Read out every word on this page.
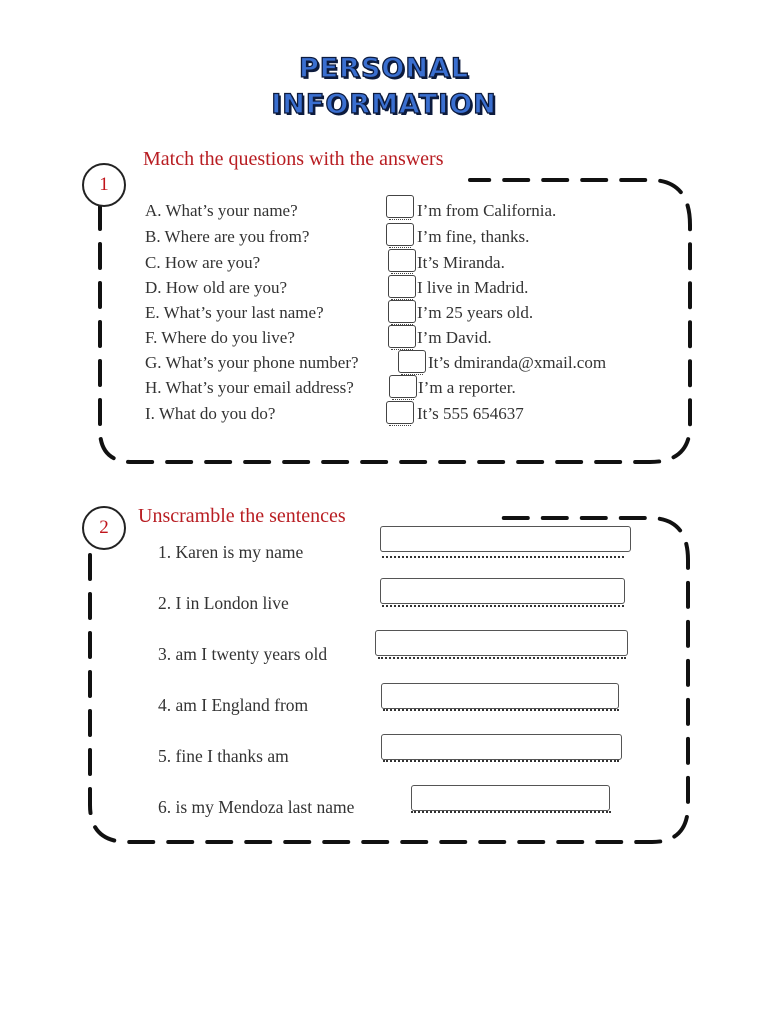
PERSONAL
INFORMATION
1
Match the questions with the answers
A. What’s your name?
B. Where are you from?
C. How are you?
D. How old are you?
E. What’s your last name?
F. Where do you live?
G. What’s your phone number?
H. What’s your email address?
I. What do you do?
I’m from California.
I’m fine, thanks.
It’s Miranda.
I live in Madrid.
I’m 25 years old.
I’m David.
It’s dmiranda@xmail.com
I’m a reporter.
It’s 555 654637
2
Unscramble the sentences
1. Karen is my name
2. I in London live
3. am I twenty years old
4. am I England from
5. fine I thanks am
6. is my Mendoza last name
